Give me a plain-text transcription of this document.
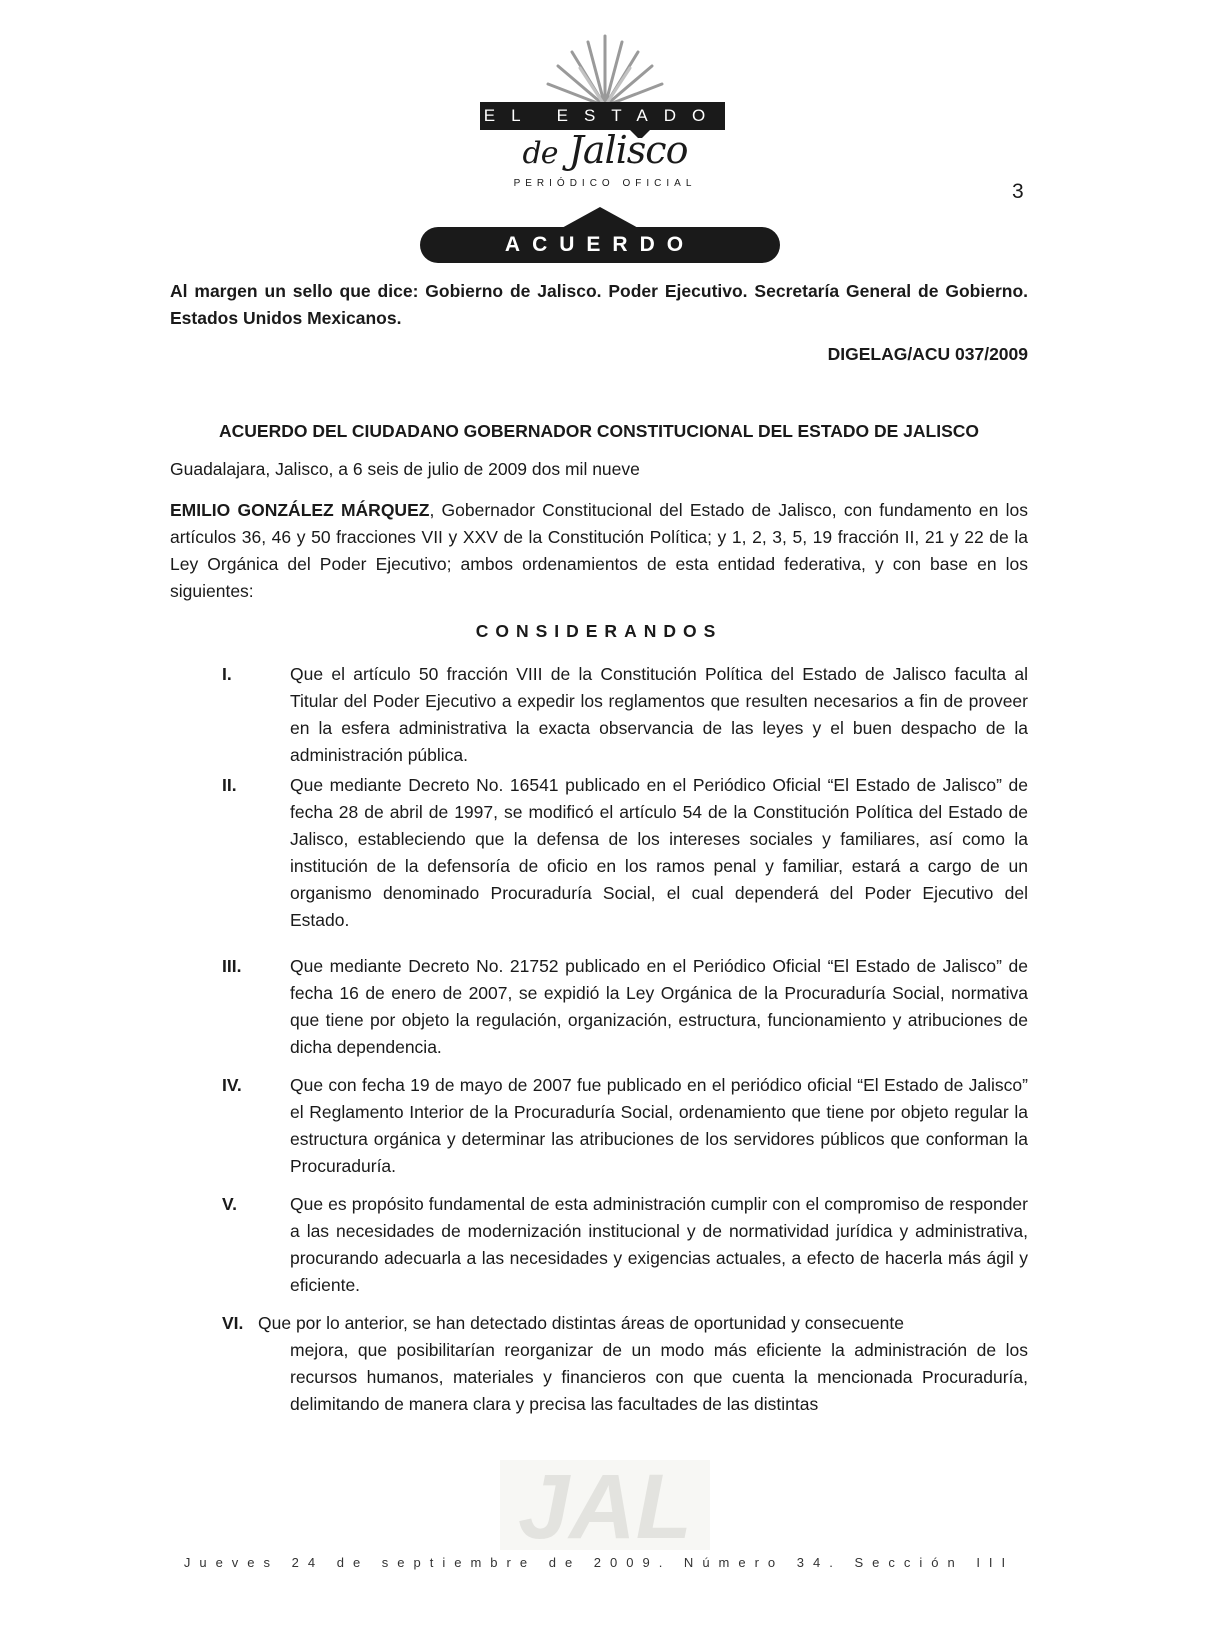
EL ESTADO
de Jalisco
PERIÓDICO OFICIAL	3
ACUERDO
Al margen un sello que dice: Gobierno de Jalisco. Poder Ejecutivo. Secretaría General de Gobierno. Estados Unidos Mexicanos.
DIGELAG/ACU 037/2009
ACUERDO DEL CIUDADANO GOBERNADOR CONSTITUCIONAL DEL ESTADO DE JALISCO
Guadalajara, Jalisco, a 6 seis de julio de 2009 dos mil nueve
EMILIO GONZÁLEZ MÁRQUEZ, Gobernador Constitucional del Estado de Jalisco, con fundamento en los artículos 36, 46 y 50 fracciones VII y XXV de la Constitución Política; y 1, 2, 3, 5, 19 fracción II, 21 y 22 de la Ley Orgánica del Poder Ejecutivo; ambos ordenamientos de esta entidad federativa, y con base en los siguientes:
CONSIDERANDOS
I.	Que el artículo 50 fracción VIII de la Constitución Política del Estado de Jalisco faculta al Titular del Poder Ejecutivo a expedir los reglamentos que resulten necesarios a fin de proveer en la esfera administrativa la exacta observancia de las leyes y el buen despacho de la administración pública.
II.	Que mediante Decreto No. 16541 publicado en el Periódico Oficial “El Estado de Jalisco” de fecha 28 de abril de 1997, se modificó el artículo 54 de la Constitución Política del Estado de Jalisco, estableciendo que la defensa de los intereses sociales y familiares, así como la institución de la defensoría de oficio en los ramos penal y familiar, estará a cargo de un organismo denominado Procuraduría Social, el cual dependerá del Poder Ejecutivo del Estado.
III.	Que mediante Decreto No. 21752 publicado en el Periódico Oficial “El Estado de Jalisco” de fecha 16 de enero de 2007, se expidió la Ley Orgánica de la Procuraduría Social, normativa que tiene por objeto la regulación, organización, estructura, funcionamiento y atribuciones de dicha dependencia.
IV.	Que con fecha 19 de mayo de 2007 fue publicado en el periódico oficial “El Estado de Jalisco” el Reglamento Interior de la Procuraduría Social, ordenamiento que tiene por objeto regular la estructura orgánica y determinar las atribuciones de los servidores públicos que conforman la Procuraduría.
V.	Que es propósito fundamental de esta administración cumplir con el compromiso de responder a las necesidades de modernización institucional y de normatividad jurídica y administrativa, procurando adecuarla a las necesidades y exigencias actuales, a efecto de hacerla más ágil y eficiente.
VI. Que por lo anterior, se han detectado distintas áreas de oportunidad y consecuente
mejora, que posibilitarían reorganizar de un modo más eficiente la administración de los recursos humanos, materiales y financieros con que cuenta la mencionada Procuraduría, delimitando de manera clara y precisa las facultades de las distintas
JAL
Jueves 24 de septiembre de 2009. Número 34. Sección III
